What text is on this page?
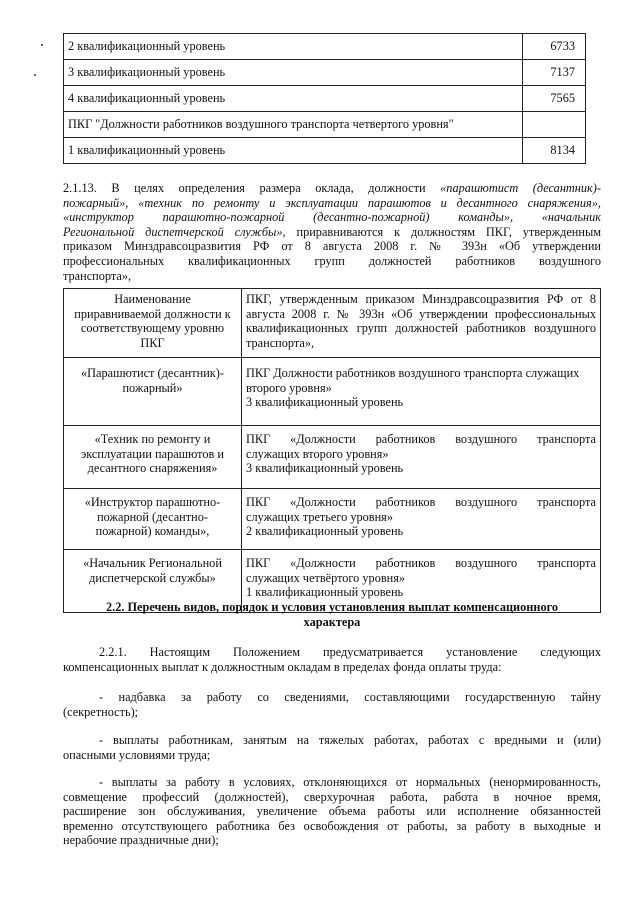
2 квалификационный уровень	6733
3 квалификационный уровень	7137
4 квалификационный уровень	7565
ПКГ "Должности работников воздушного транспорта четвертого уровня"	
1 квалификационный уровень	8134
2.1.13. В целях определения размера оклада, должности «парашютист (десантник)-
пожарный», «техник по ремонту и эксплуатации парашютов и десантного снаряжения»,
«инструктор парашютно-пожарной (десантно-пожарной) команды», «начальник
Региональной диспетчерской службы», приравниваются к должностям ПКГ, утвержденным
приказом Минздравсоцразвития РФ от 8 августа 2008 г. № 393н «Об утверждении
профессиональных квалификационных групп должностей работников воздушного
транспорта»,
Наименование
приравниваемой должности к
соответствующему уровню
ПКГ	ПКГ, утвержденным приказом Минздравсоцразвития РФ от 8
августа 2008 г. № 393н «Об утверждении профессиональных
квалификационных групп должностей работников воздушного
транспорта»,

«Парашютист (десантник)-
пожарный»	ПКГ Должности работников воздушного транспорта служащих
второго уровня»
3 квалификационный уровень

«Техник по ремонту и
эксплуатации парашютов и
десантного снаряжения»	ПКГ «Должности работников воздушного транспорта
служащих второго уровня»
3 квалификационный уровень

«Инструктор парашютно-
пожарной (десантно-
пожарной) команды»,	ПКГ «Должности работников воздушного транспорта
служащих третьего уровня»
2 квалификационный уровень

«Начальник Региональной
диспетчерской службы»	ПКГ «Должности работников воздушного транспорта
служащих четвёртого уровня»
1 квалификационный уровень
2.2. Перечень видов, порядок и условия установления выплат компенсационного
характера
2.2.1. Настоящим Положением предусматривается установление следующих
компенсационных выплат к должностным окладам в пределах фонда оплаты труда:
- надбавка за работу со сведениями, составляющими государственную тайну
(секретность);
- выплаты работникам, занятым на тяжелых работах, работах с вредными и (или)
опасными условиями труда;
- выплаты за работу в условиях, отклоняющихся от нормальных (ненормированность,
совмещение профессий (должностей), сверхурочная работа, работа в ночное время,
расширение зон обслуживания, увеличение объема работы или исполнение обязанностей
временно отсутствующего работника без освобождения от работы, за работу в выходные и
нерабочие праздничные дни);
